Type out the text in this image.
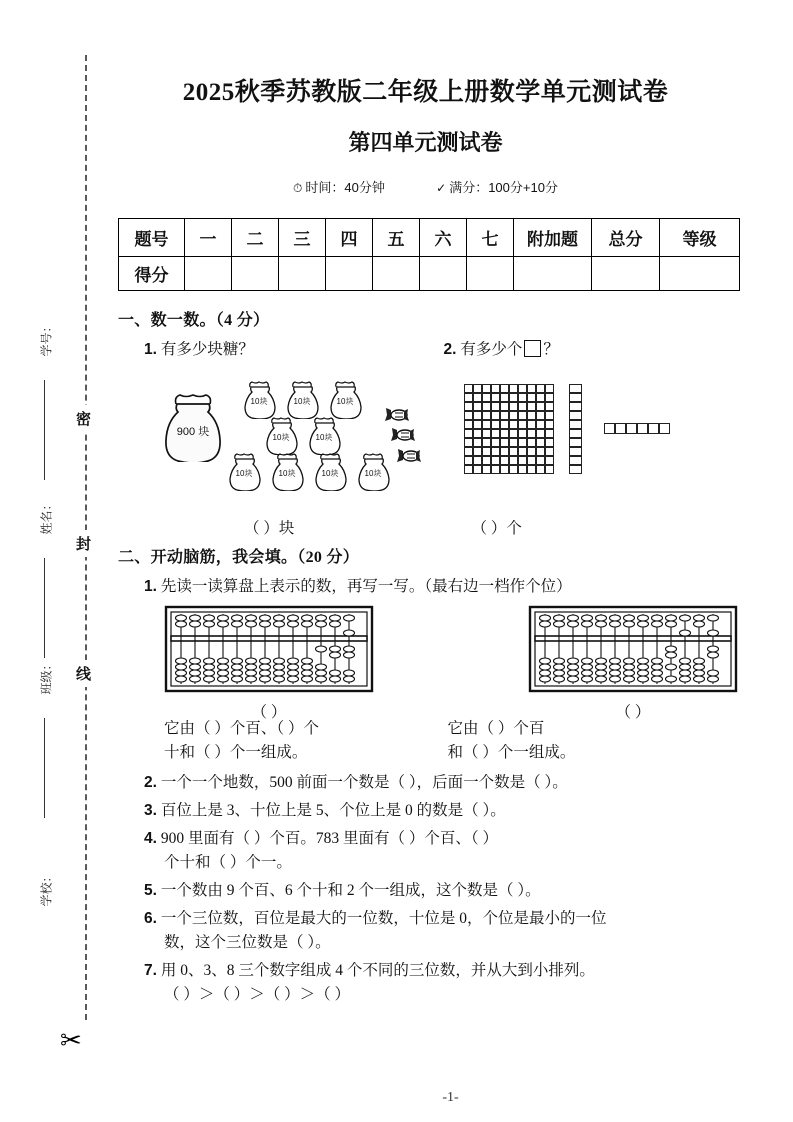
密
封
线
学号：
姓名：
班级：
学校：
✂
2025秋季苏教版二年级上册数学单元测试卷
第四单元测试卷
⏱ 时间：40分钟	✓ 满分：100分+10分
题号	一	二	三	四	五	六	七	附加题	总分	等级
得分										
一、数一数。（4 分）
1. 有多少块糖？
900 块
10块	10块	10块
10块	10块
10块	10块	10块	10块
（ ）块
2. 有多少个 ？
（ ）个
二、开动脑筋，我会填。（20 分）
1. 先读一读算盘上表示的数，再写一写。（最右边一档作个位）
（ ）	（ ）
它由（ ）个百、（ ）个
十和（ ）个一组成。
它由（ ）个百
和（ ）个一组成。
2. 一个一个地数，500 前面一个数是（ ），后面一个数是（ ）。
3. 百位上是 3、十位上是 5、个位上是 0 的数是（ ）。
4. 900 里面有（ ）个百。783 里面有（ ）个百、（ ）
个十和（ ）个一。
5. 一个数由 9 个百、6 个十和 2 个一组成，这个数是（ ）。
6. 一个三位数，百位是最大的一位数，十位是 0，个位是最小的一位
数，这个三位数是（ ）。
7. 用 0、3、8 三个数字组成 4 个不同的三位数，并从大到小排列。
（ ）＞（ ）＞（ ）＞（ ）
-1-
